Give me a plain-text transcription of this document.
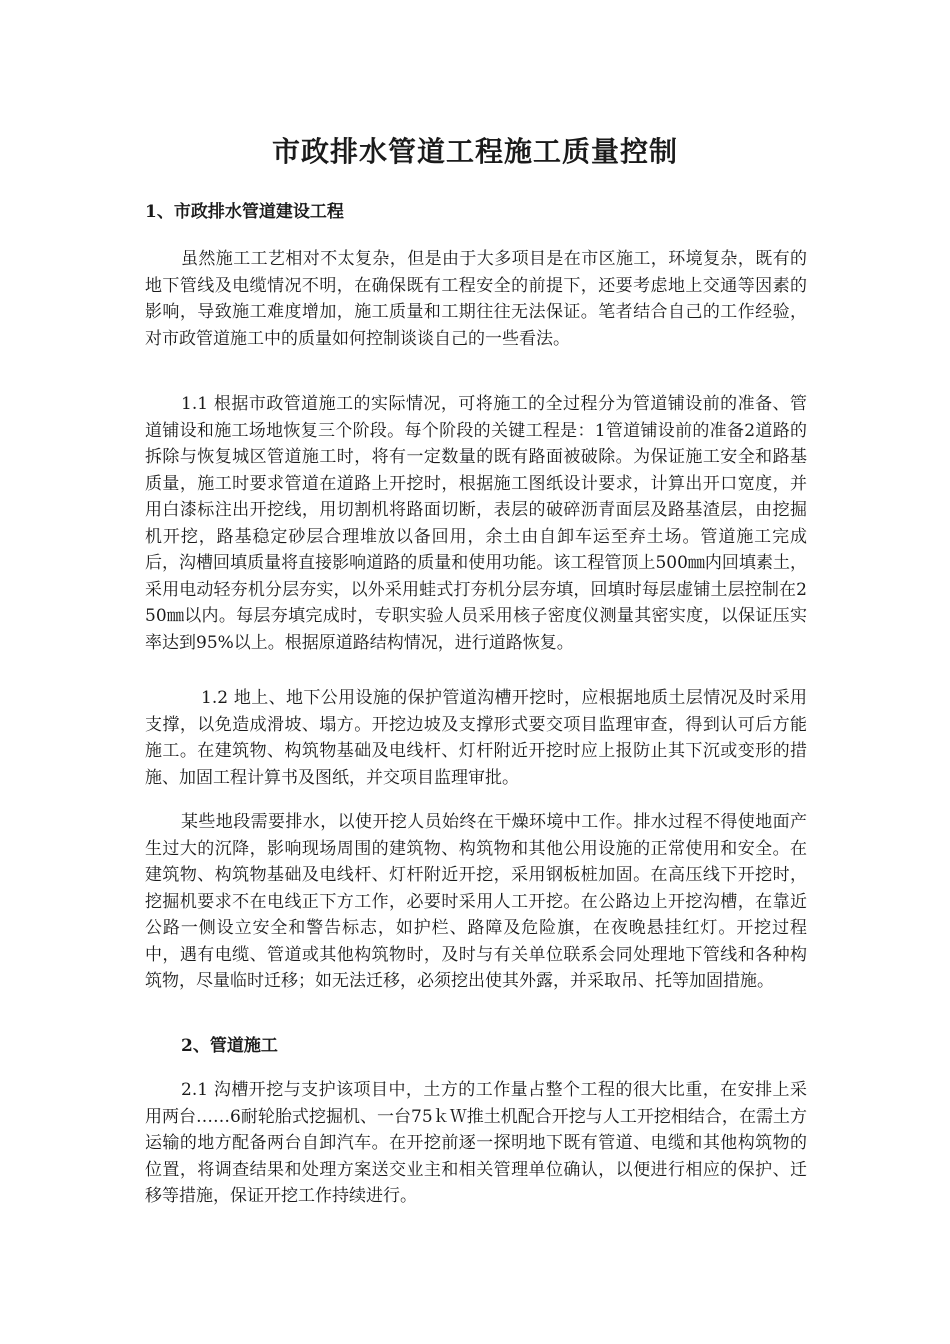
市政排水管道工程施工质量控制
1、市政排水管道建设工程

虽然施工工艺相对不太复杂，但是由于大多项目是在市区施工，环境复杂，既有的地下管线及电缆情况不明，在确保既有工程安全的前提下，还要考虑地上交通等因素的影响，导致施工难度增加，施工质量和工期往往无法保证。笔者结合自己的工作经验，对市政管道施工中的质量如何控制谈谈自己的一些看法。

1.1 根据市政管道施工的实际情况，可将施工的全过程分为管道铺设前的准备、管道铺设和施工场地恢复三个阶段。每个阶段的关键工程是：1管道铺设前的准备2道路的拆除与恢复城区管道施工时，将有一定数量的既有路面被破除。为保证施工安全和路基质量，施工时要求管道在道路上开挖时，根据施工图纸设计要求，计算出开口宽度，并用白漆标注出开挖线，用切割机将路面切断，表层的破碎沥青面层及路基渣层，由挖掘机开挖，路基稳定砂层合理堆放以备回用，余土由自卸车运至弃土场。管道施工完成后，沟槽回填质量将直接影响道路的质量和使用功能。该工程管顶上500㎜内回填素土，采用电动轻夯机分层夯实，以外采用蛙式打夯机分层夯填，回填时每层虚铺土层控制在250㎜以内。每层夯填完成时，专职实验人员采用核子密度仪测量其密实度，以保证压实率达到95%以上。根据原道路结构情况，进行道路恢复。

1.2 地上、地下公用设施的保护管道沟槽开挖时，应根据地质土层情况及时采用支撑，以免造成滑坡、塌方。开挖边坡及支撑形式要交项目监理审查，得到认可后方能施工。在建筑物、构筑物基础及电线杆、灯杆附近开挖时应上报防止其下沉或变形的措施、加固工程计算书及图纸，并交项目监理审批。

某些地段需要排水，以使开挖人员始终在干燥环境中工作。排水过程不得使地面产生过大的沉降，影响现场周围的建筑物、构筑物和其他公用设施的正常使用和安全。在建筑物、构筑物基础及电线杆、灯杆附近开挖，采用钢板桩加固。在高压线下开挖时，挖掘机要求不在电线正下方工作，必要时采用人工开挖。在公路边上开挖沟槽，在靠近公路一侧设立安全和警告标志，如护栏、路障及危险旗，在夜晚悬挂红灯。开挖过程中，遇有电缆、管道或其他构筑物时，及时与有关单位联系会同处理地下管线和各种构筑物，尽量临时迁移；如无法迁移，必须挖出使其外露，并采取吊、托等加固措施。

2、管道施工

2.1 沟槽开挖与支护该项目中，土方的工作量占整个工程的很大比重，在安排上采用两台……6耐轮胎式挖掘机、一台75ｋＷ推土机配合开挖与人工开挖相结合，在需土方运输的地方配备两台自卸汽车。在开挖前逐一探明地下既有管道、电缆和其他构筑物的位置，将调查结果和处理方案送交业主和相关管理单位确认，以便进行相应的保护、迁移等措施，保证开挖工作持续进行。
